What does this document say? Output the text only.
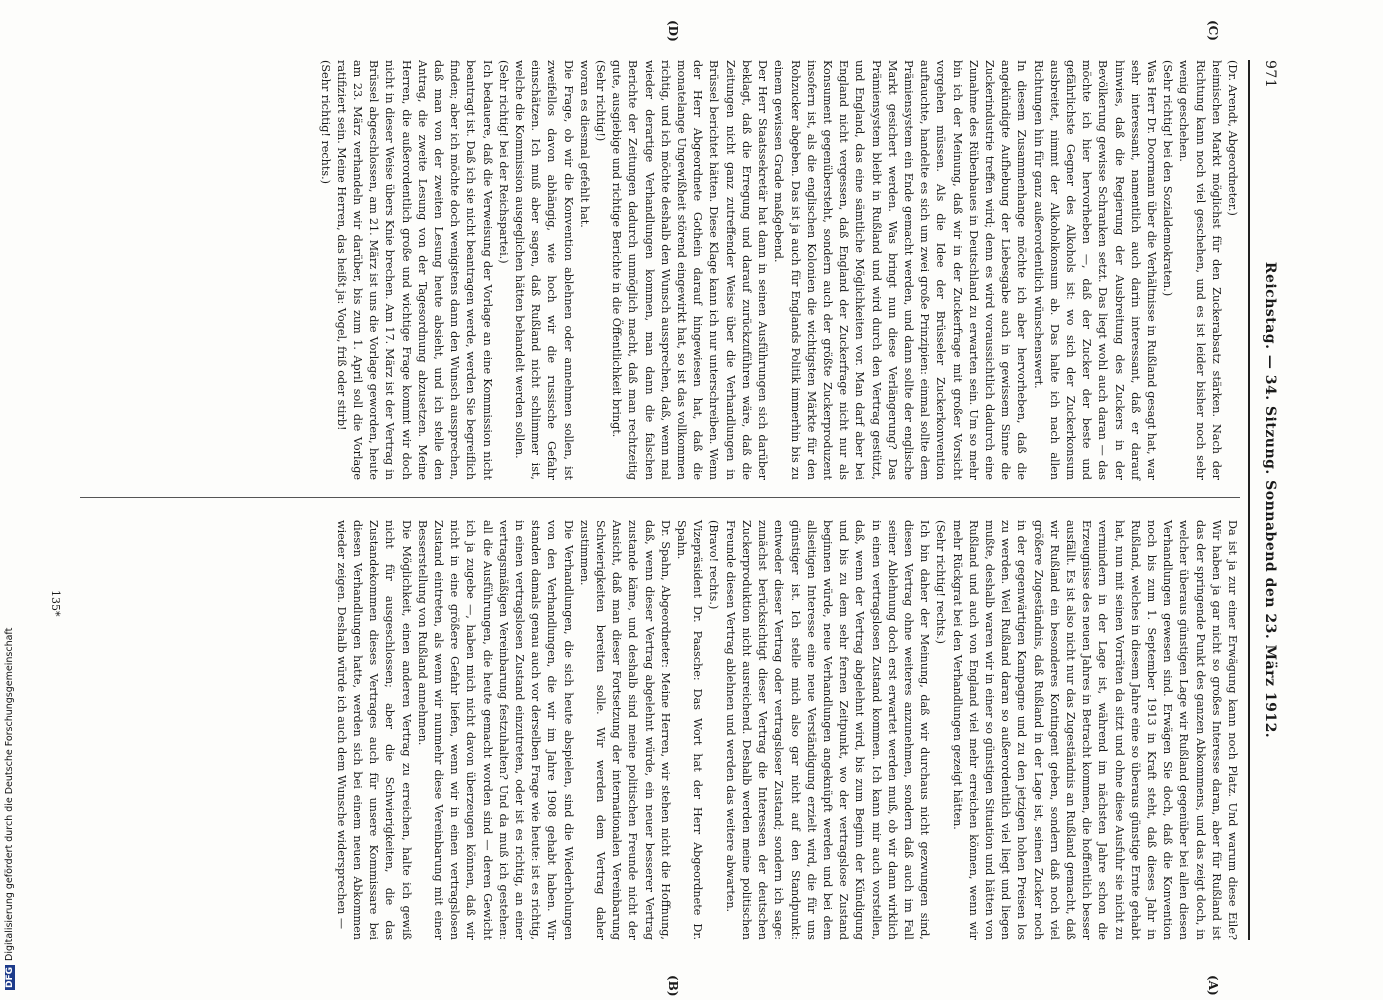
971
Reichstag. — 34. Sitzung. Sonnabend den 23. März 1912.
(A)
(B)
(C)
(D)
(Dr. Arendt, Abgeordneter.)
heimischen Markt möglichst für den Zuckerabsatz stärken. Nach der Richtung kann noch viel geschehen, und es ist leider bisher noch sehr wenig geschehen.
(Sehr richtig! bei den Sozialdemokraten.)
Was Herr Dr. Doormann über die Verhältnisse in Rußland gesagt hat, war sehr interessant, namentlich auch darin interessant, daß er darauf hinwies, daß die Regierung der Ausbreitung des Zuckers in der Bevölkerung gewisse Schranken setzt. Das liegt wohl auch daran — das möchte ich hier hervorheben —, daß der Zucker der beste und gefährlichste Gegner des Alkohols ist: wo sich der Zuckerkonsum ausbreitet, nimmt der Alkoholkonsum ab. Das halte ich nach allen Richtungen hin für ganz außerordentlich wünschenswert.
In diesem Zusammenhange möchte ich aber hervorheben, daß die angekündigte Aufhebung der Liebesgabe auch in gewissem Sinne die Zuckerindustrie treffen wird; denn es wird voraussichtlich dadurch eine Zunahme des Rübenbaues in Deutschland zu erwarten sein. Um so mehr bin ich der Meinung, daß wir in der Zuckerfrage mit großer Vorsicht vorgehen müssen. Als die Idee der Brüsseler Zuckerkonvention auftauchte, handelte es sich um zwei große Prinzipien: einmal sollte dem Prämiensystem ein Ende gemacht werden, und dann sollte der englische Markt gesichert werden. Was bringt nun diese Verlängerung? Das Prämiensystem bleibt in Rußland und wird durch den Vertrag gestützt, und England, das eine sämtliche Möglichkeiten vor. Man darf aber bei England nicht vergessen, daß England der Zuckerfrage nicht nur als Konsument gegenübersteht, sondern auch der größte Zuckerproduzent insofern ist, als die englischen Kolonien die wichtigsten Märkte für den Rohzucker abgeben. Das ist ja auch für Englands Politik immerhin bis zu einem gewissen Grade maßgebend.
Der Herr Staatssekretär hat dann in seinen Ausführungen sich darüber beklagt, daß die Erregung und darauf zurückzuführen wäre, daß die Zeitungen nicht ganz zutreffender Weise über die Verhandlungen in Brüssel berichtet hätten. Diese Klage kann ich nur unterschreiben. Wenn der Herr Abgeordnete Gothein darauf hingewiesen hat, daß die monatelange Ungewißheit störend eingewirkt hat, so ist das vollkommen richtig, und ich möchte deshalb den Wunsch aussprechen, daß, wenn mal wieder derartige Verhandlungen kommen, man dann die falschen Berichte der Zeitungen dadurch unmöglich macht, daß man rechtzeitig gute, ausgiebige und richtige Berichte in die Öffentlichkeit bringt.
(Sehr richtig!)
woran es diesmal gefehlt hat.
Die Frage, ob wir die Konvention ablehnen oder annehmen sollen, ist zweifellos davon abhängig, wie hoch wir die russische Gefahr einschätzen. Ich muß aber sagen, daß Rußland nicht schlimmer ist, welche die Kommission ausgeglichen hätten behandelt werden sollen.
(Sehr richtig! bei der Reichspartei.)
Ich bedauere, daß die Verweisung der Vorlage an eine Kommission nicht beantragt ist. Daß ich sie nicht beantragen werde, werden Sie begreiflich finden; aber ich möchte doch wenigstens dann den Wunsch aussprechen, daß man von der zweiten Lesung heute absieht, und ich stelle den Antrag, die zweite Lesung von der Tagesordnung abzusetzen. Meine Herren, die außerordentlich große und wichtige Frage kommt wir doch nicht in dieser Weise übers Knie brechen. Am 17. März ist der Vertrag in Brüssel abgeschlossen, am 21. März ist uns die Vorlage geworden, heute am 23. März verhandeln wir darüber, bis zum 1. April soll die Vorlage ratifiziert sein. Meine Herren, das heißt ja: Vogel, friß oder stirb!
(Sehr richtig! rechts.)
Da ist ja zur einer Erwägung kann noch Platz. Und warum diese Eile? Wir haben ja gar nicht so großes Interesse daran, aber für Rußland ist das der springende Punkt des ganzen Abkommens, und das zeigt doch, in welcher überaus günstigen Lage wir Rußland gegenüber bei allen diesen Verhandlungen gewesen sind. Erwägen Sie doch, daß die Konvention noch bis zum 1. September 1913 in Kraft steht, daß dieses Jahr in Rußland, welches in diesem Jahre eine so überaus günstige Ernte gehabt hat, nun mit seinen Vorräten da sitzt und ohne diese Ausfuhr sie nicht zu vermindern in der Lage ist, während im nächsten Jahre schon die Erzeugnisse des neuen Jahres in Betracht kommen, die hoffentlich besser ausfällt. Es ist also nicht nur das Zugeständnis an Rußland gemacht, daß wir Rußland ein besonderes Kontingent geben, sondern daß noch viel größere Zugeständnis, daß Rußland in der Lage ist, seinen Zucker noch in der gegenwärtigen Kampagne und zu den jetzigen hohen Preisen los zu werden. Weil Rußland daran so außerordentlich viel liegt und liegen mußte, deshalb waren wir in einer so günstigen Situation und hätten von Rußland und auch von England viel mehr erreichen können, wenn wir mehr Rückgrat bei den Verhandlungen gezeigt hätten.
(Sehr richtig! rechts.)
Ich bin daher der Meinung, daß wir durchaus nicht gezwungen sind, diesen Vertrag ohne weiteres anzunehmen, sondern daß auch im Fall seiner Ablehnung doch erst erwartet werden muß, ob wir dann wirklich in einen vertragslosen Zustand kommen. Ich kann mir auch vorstellen, daß, wenn der Vertrag abgelehnt wird, bis zum Beginn der Kündigung und bis zu dem sehr fernen Zeitpunkt, wo der vertragslose Zustand beginnen würde, neue Verhandlungen angeknüpft werden und bei dem allseitigen Interesse eine neue Verständigung erzielt wird, die für uns günstiger ist. Ich stelle mich also gar nicht auf den Standpunkt: entweder dieser Vertrag oder vertragsloser Zustand; sondern ich sage: zunächst berücksichtigt dieser Vertrag die Interessen der deutschen Zuckerproduktion nicht ausreichend. Deshalb werden meine politischen Freunde diesen Vertrag ablehnen und werden das weitere abwarten.
(Bravo! rechts.)
Vizepräsident Dr. Paasche: Das Wort hat der Herr Abgeordnete Dr. Spahn.
Dr. Spahn, Abgeordneter: Meine Herren, wir stehen nicht die Hoffnung, daß, wenn dieser Vertrag abgelehnt würde, ein neuer besserer Vertrag zustande käme, und deshalb sind meine politischen Freunde nicht der Ansicht, daß man dieser Fortsetzung der internationalen Vereinbarung Schwierigkeiten bereiten solle. Wir werden dem Vertrag daher zustimmen.
Die Verhandlungen, die sich heute abspielen, sind die Wiederholungen von den Verhandlungen, die wir im Jahre 1908 gehabt haben. Wir standen damals genau auch vor derselben Frage wie heute: ist es richtig, in einen vertragslosen Zustand einzutreten, oder ist es richtig, an einer vertragsmäßigen Vereinbarung festzuhalten? Und da muß ich gestehen: all die Ausführungen, die heute gemacht worden sind — deren Gewicht ich ja zugebe —, haben mich nicht davon überzeugen können, daß wir nicht in eine größere Gefahr liefen, wenn wir in einen vertragslosen Zustand eintreten, als wenn wir nunmehr diese Vereinbarung mit einer Besserstellung von Rußland annehmen.
Die Möglichkeit, einen anderen Vertrag zu erreichen, halte ich gewiß nicht für ausgeschlossen; aber die Schwierigkeiten, die das Zustandekommen dieses Vertrages auch für unsere Kommissare bei diesen Verhandlungen hatte, werden sich bei einem neuen Abkommen wieder zeigen. Deshalb würde ich auch dem Wunsche widersprechen —
135*
DFGDigitalisierung gefördert durch die Deutsche Forschungsgemeinschaft
